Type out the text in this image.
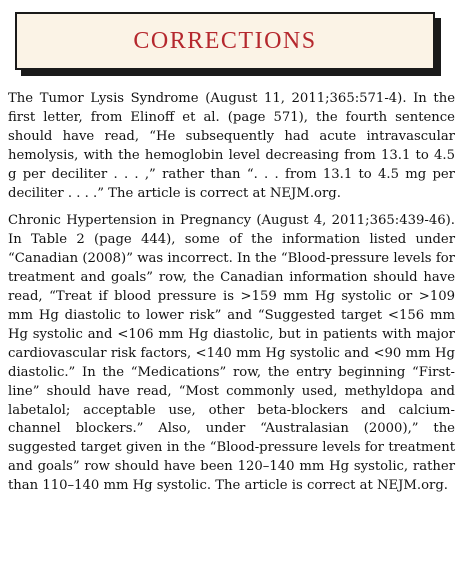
CORRECTIONS

The Tumor Lysis Syndrome (August 11, 2011;365:571-4). In the first letter, from Elinoff et al. (page 571), the fourth sentence should have read, “He subsequently had acute intravascular hemolysis, with the hemoglobin level decreasing from 13.1 to 4.5 g per deciliter . . . ,” rather than “. . . from 13.1 to 4.5 mg per deciliter . . . .” The article is correct at NEJM.org.

Chronic Hypertension in Pregnancy (August 4, 2011;365:439-46). In Table 2 (page 444), some of the information listed under “Canadian (2008)” was incorrect. In the “Blood-pressure levels for treatment and goals” row, the Canadian information should have read, “Treat if blood pressure is >159 mm Hg systolic or >109 mm Hg diastolic to lower risk” and “Suggested target <156 mm Hg systolic and <106 mm Hg diastolic, but in patients with major cardiovascular risk factors, <140 mm Hg systolic and <90 mm Hg diastolic.” In the “Medications” row, the entry beginning “First-line” should have read, “Most commonly used, methyldopa and labetalol; acceptable use, other beta-blockers and calcium-channel blockers.” Also, under “Australasian (2000),” the suggested target given in the “Blood-pressure levels for treatment and goals” row should have been 120–140 mm Hg systolic, rather than 110–140 mm Hg systolic. The article is correct at NEJM.org.
